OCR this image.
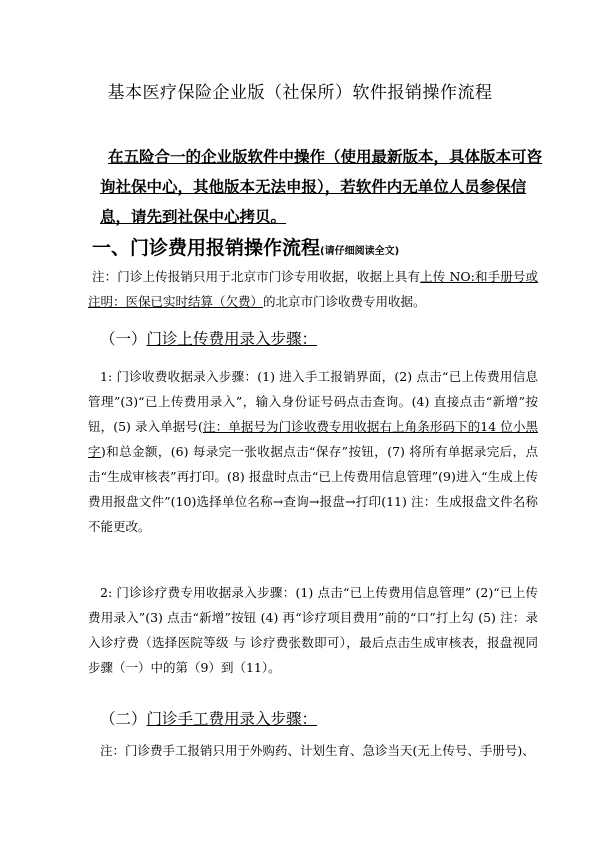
基本医疗保险企业版（社保所）软件报销操作流程
在五险合一的企业版软件中操作（使用最新版本，具体版本可咨询社保中心，其他版本无法申报），若软件内无单位人员参保信息，请先到社保中心拷贝。
一、门诊费用报销操作流程(请仔细阅读全文)
注：门诊上传报销只用于北京市门诊专用收据，收据上具有上传 NO:和手册号或注明：医保已实时结算（欠费）的北京市门诊收费专用收据。
（一）门诊上传费用录入步骤：
1: 门诊收费收据录入步骤：(1) 进入手工报销界面，(2) 点击“已上传费用信息管理”(3)“已上传费用录入”，输入身份证号码点击查询。(4) 直接点击“新增”按钮，(5) 录入单据号(注：单据号为门诊收费专用收据右上角条形码下的14 位小黑字)和总金额，(6) 每录完一张收据点击“保存”按钮，(7) 将所有单据录完后，点击“生成审核表”再打印。(8) 报盘时点击“已上传费用信息管理”(9)进入“生成上传费用报盘文件”(10)选择单位名称→查询→报盘→打印(11) 注：生成报盘文件名称不能更改。
2: 门诊诊疗费专用收据录入步骤：(1) 点击“已上传费用信息管理” (2)“已上传费用录入”(3) 点击“新增”按钮 (4) 再“诊疗项目费用”前的“口”打上勾 (5) 注：录入诊疗费（选择医院等级 与 诊疗费张数即可），最后点击生成审核表，报盘视同步骤（一）中的第（9）到（11）。
（二）门诊手工费用录入步骤：
注：门诊费手工报销只用于外购药、计划生育、急诊当天(无上传号、手册号)、
